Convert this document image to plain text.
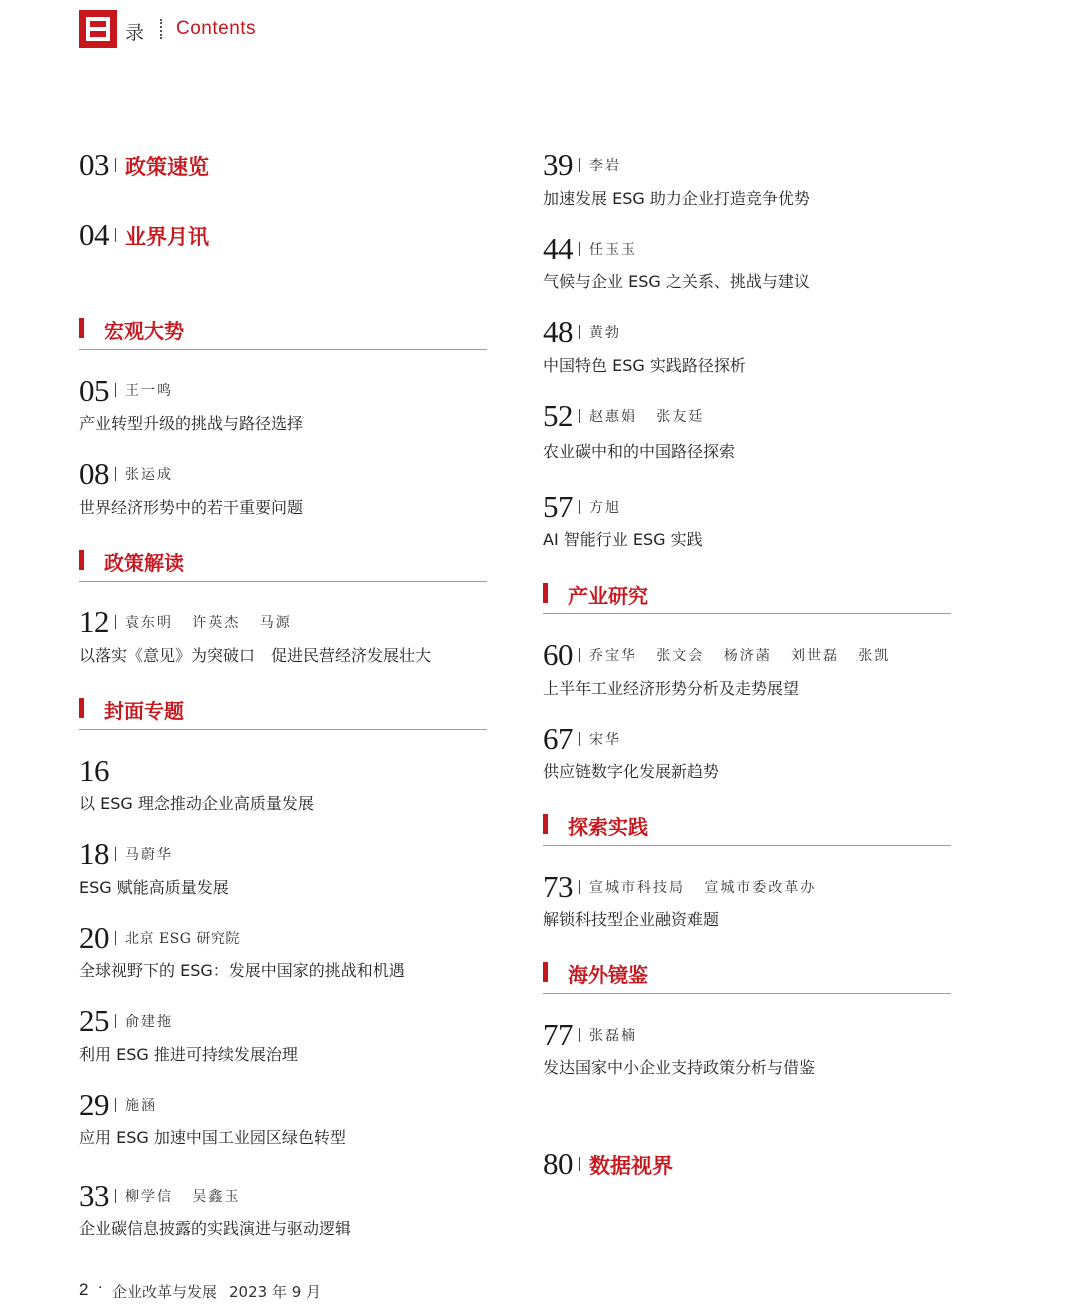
录 Contents
03 政策速览
04 业界月讯
宏观大势
05 王一鸣
产业转型升级的挑战与路径选择
08 张运成
世界经济形势中的若干重要问题
政策解读
12 袁东明   许英杰   马源
以落实《意见》为突破口　促进民营经济发展壮大
封面专题
16
以 ESG 理念推动企业高质量发展
18 马蔚华
ESG 赋能高质量发展
20 北京 ESG 研究院
全球视野下的 ESG：发展中国家的挑战和机遇
25 俞建拖
利用 ESG 推进可持续发展治理
29 施涵
应用 ESG 加速中国工业园区绿色转型
33 柳学信   吴鑫玉
企业碳信息披露的实践演进与驱动逻辑
39 李岩
加速发展 ESG 助力企业打造竞争优势
44 任玉玉
气候与企业 ESG 之关系、挑战与建议
48 黄勃
中国特色 ESG 实践路径探析
52 赵惠娟   张友廷
农业碳中和的中国路径探索
57 方旭
AI 智能行业 ESG 实践
产业研究
60 乔宝华   张文会   杨济菡   刘世磊   张凯
上半年工业经济形势分析及走势展望
67 宋华
供应链数字化发展新趋势
探索实践
73 宣城市科技局   宣城市委改革办
解锁科技型企业融资难题
海外镜鉴
77 张磊楠
发达国家中小企业支持政策分析与借鉴
80 数据视界
2 · 企业改革与发展 2023 年 9 月
